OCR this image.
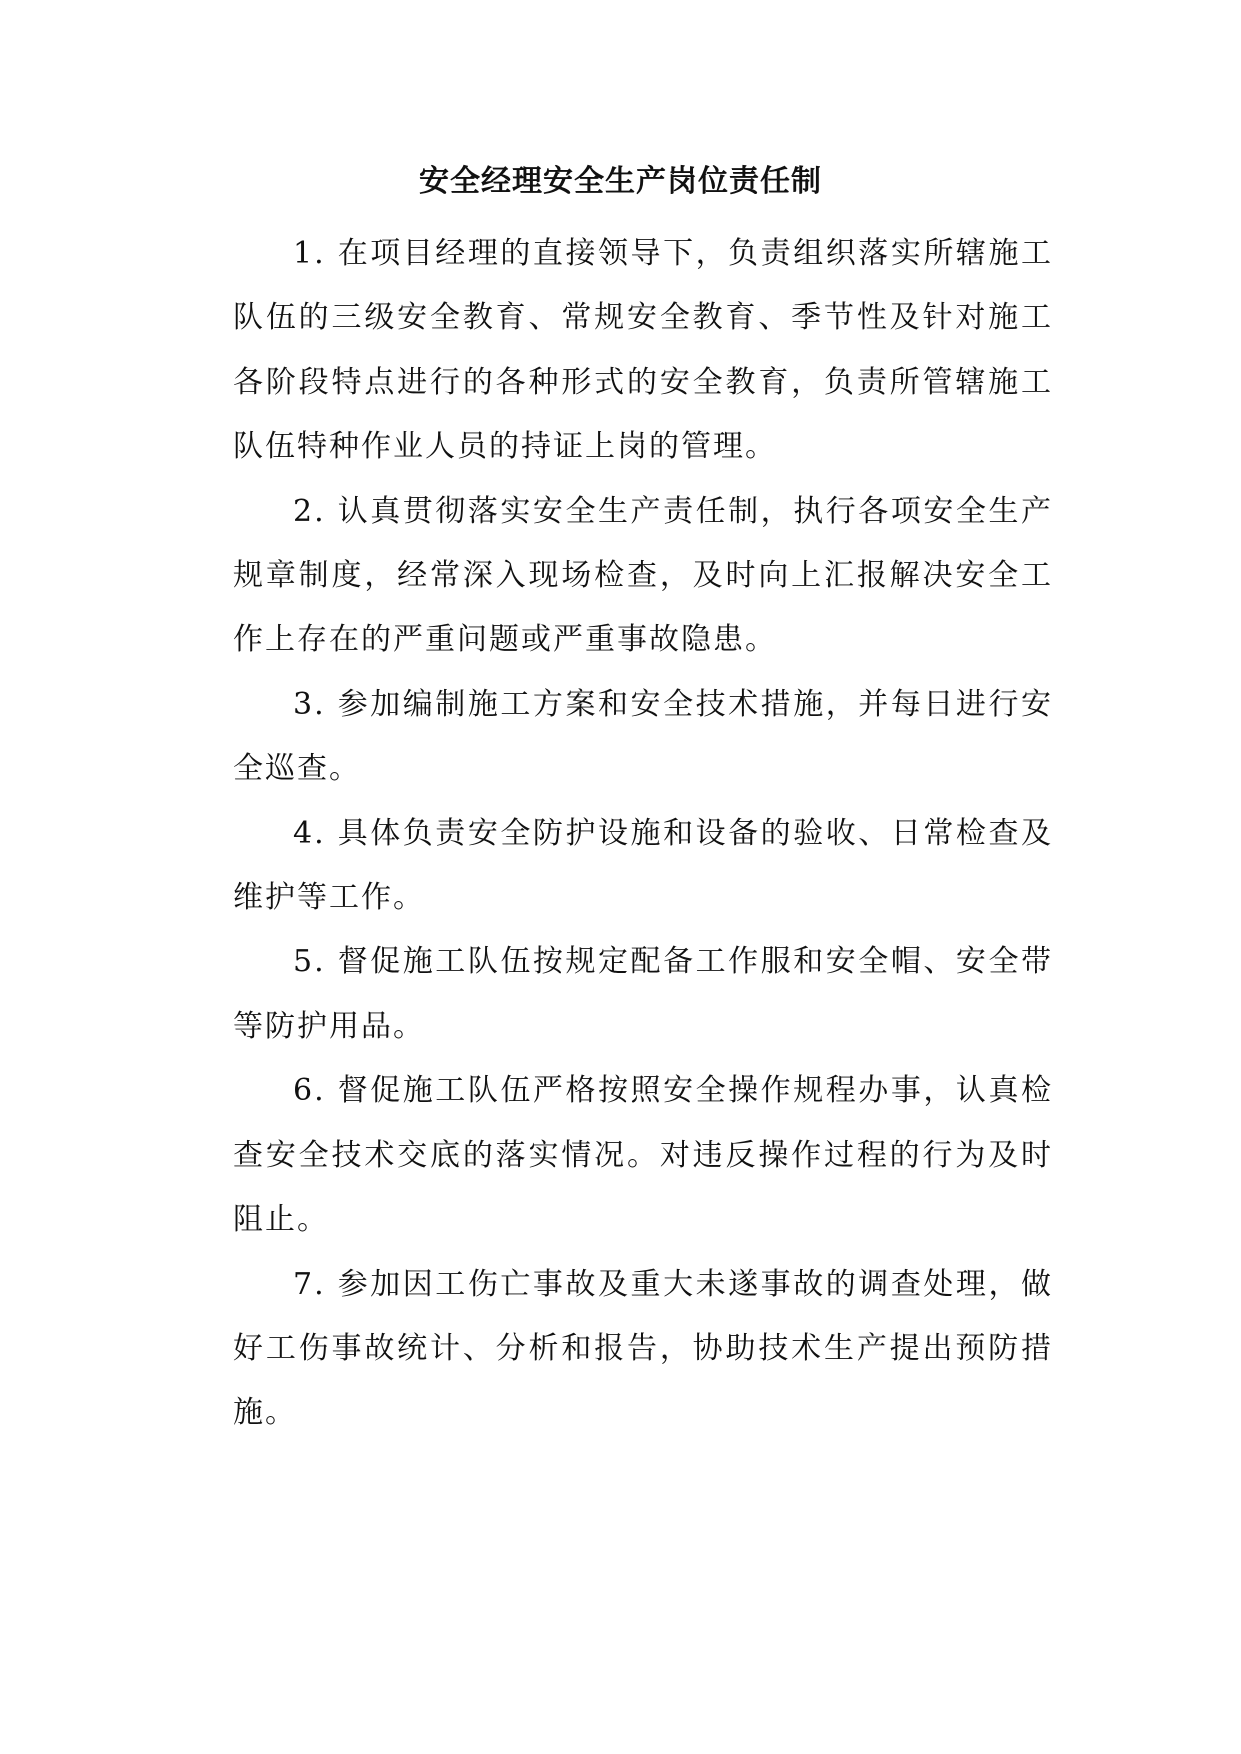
安全经理安全生产岗位责任制

1. 在项目经理的直接领导下，负责组织落实所辖施工队伍的三级安全教育、常规安全教育、季节性及针对施工各阶段特点进行的各种形式的安全教育，负责所管辖施工队伍特种作业人员的持证上岗的管理。

2. 认真贯彻落实安全生产责任制，执行各项安全生产规章制度，经常深入现场检查，及时向上汇报解决安全工作上存在的严重问题或严重事故隐患。

3. 参加编制施工方案和安全技术措施，并每日进行安全巡查。

4. 具体负责安全防护设施和设备的验收、日常检查及维护等工作。

5. 督促施工队伍按规定配备工作服和安全帽、安全带等防护用品。

6. 督促施工队伍严格按照安全操作规程办事，认真检查安全技术交底的落实情况。对违反操作过程的行为及时阻止。

7. 参加因工伤亡事故及重大未遂事故的调查处理，做好工伤事故统计、分析和报告，协助技术生产提出预防措施。
